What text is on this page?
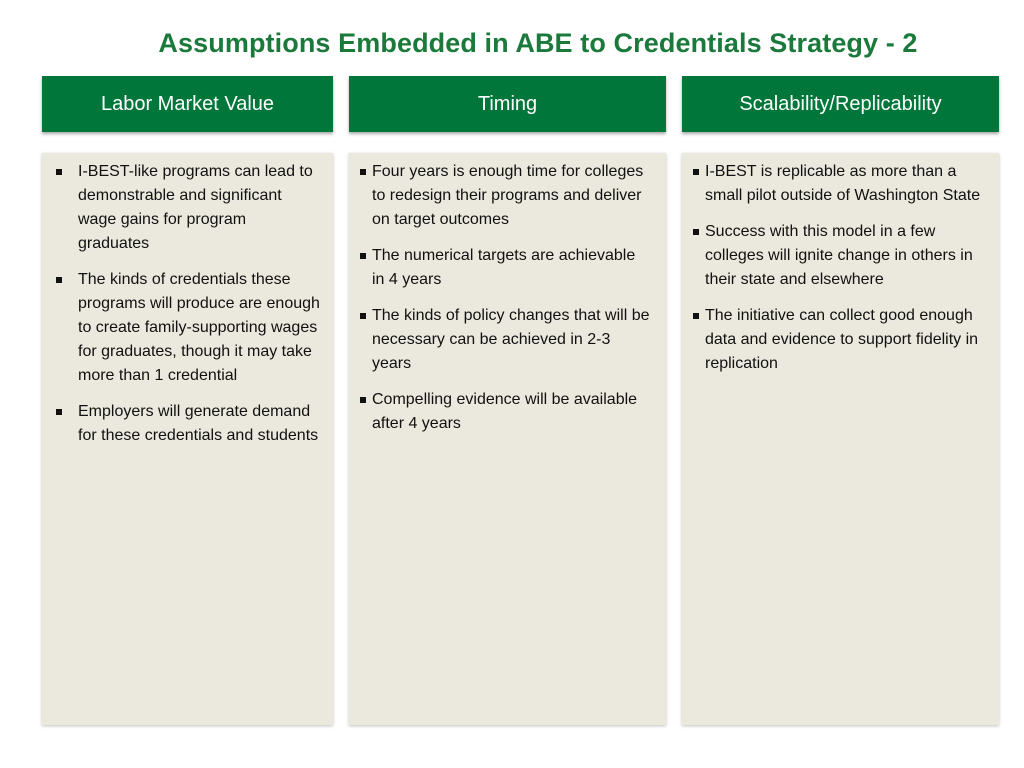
Assumptions Embedded in ABE to Credentials Strategy - 2
Labor Market Value
I-BEST-like programs can lead to demonstrable and significant wage gains for program graduates
The kinds of credentials these programs will produce are enough to create family-supporting wages for graduates, though it may take more than 1 credential
Employers will generate demand for these credentials and students
Timing
Four years is enough time for colleges to redesign their programs and deliver on target outcomes
The numerical targets are achievable in 4 years
The kinds of policy changes that will be necessary can be achieved in 2-3 years
Compelling evidence will be available after 4 years
Scalability/Replicability
I-BEST is replicable as more than a small pilot outside of Washington State
Success with this model in a few colleges will ignite change in others in their state and elsewhere
The initiative can collect good enough data and evidence to support fidelity in replication
